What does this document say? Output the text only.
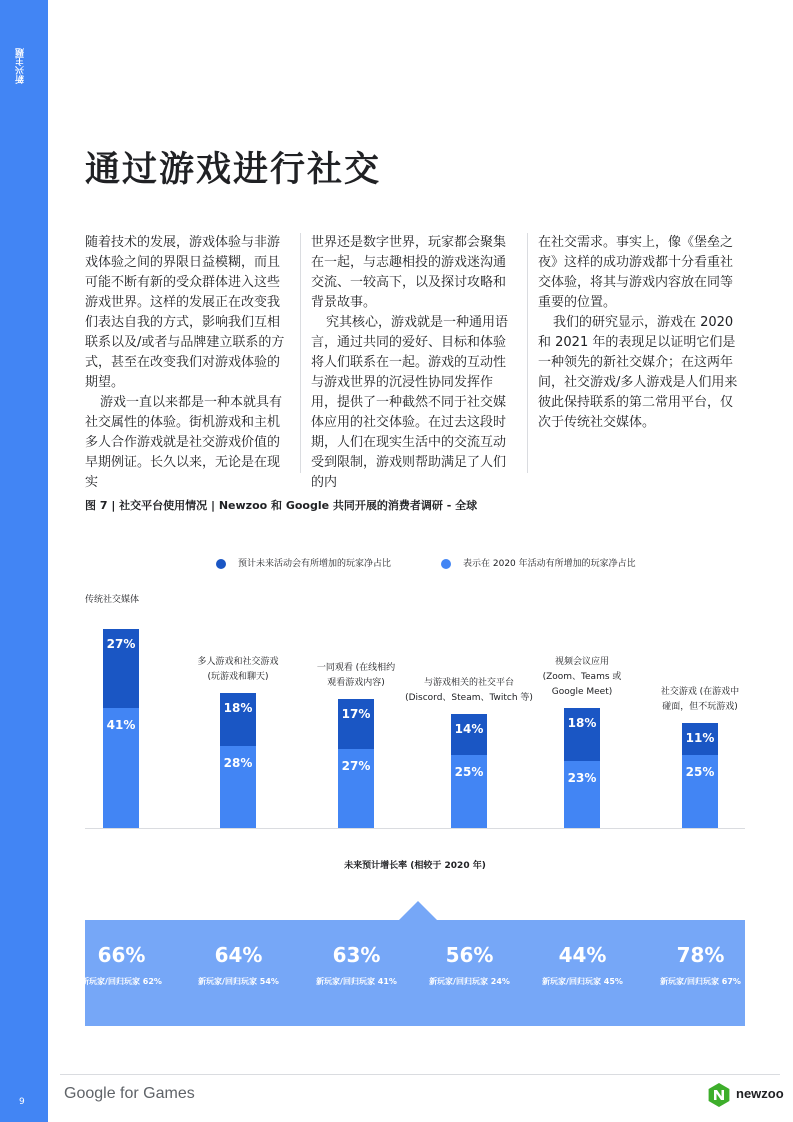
新兴主题
通过游戏进行社交

随着技术的发展，游戏体验与非游戏体验之间的界限日益模糊，而且可能不断有新的受众群体进入这些游戏世界。这样的发展正在改变我们表达自我的方式，影响我们互相联系以及/或者与品牌建立联系的方式，甚至在改变我们对游戏体验的期望。

游戏一直以来都是一种本就具有社交属性的体验。街机游戏和主机多人合作游戏就是社交游戏价值的早期例证。长久以来，无论是在现实

世界还是数字世界，玩家都会聚集在一起，与志趣相投的游戏迷沟通交流、一较高下，以及探讨攻略和背景故事。

究其核心，游戏就是一种通用语言，通过共同的爱好、目标和体验将人们联系在一起。游戏的互动性与游戏世界的沉浸性协同发挥作用，提供了一种截然不同于社交媒体应用的社交体验。在过去这段时期，人们在现实生活中的交流互动受到限制，游戏则帮助满足了人们的内

在社交需求。事实上，像《堡垒之夜》这样的成功游戏都十分看重社交体验，将其与游戏内容放在同等重要的位置。

我们的研究显示，游戏在 2020 和 2021 年的表现足以证明它们是一种领先的新社交媒介；在这两年间，社交游戏/多人游戏是人们用来彼此保持联系的第二常用平台，仅次于传统社交媒体。

图 7 | 社交平台使用情况 | Newzoo 和 Google 共同开展的消费者调研 - 全球
预计未来活动会有所增加的玩家净占比	表示在 2020 年活动有所增加的玩家净占比
41%
27%
传统社交媒体
28%
18%
多人游戏和社交游戏
(玩游戏和聊天)
27%
17%
一同观看 (在线相约
观看游戏内容)
25%
14%
与游戏相关的社交平台
(Discord、Steam、Twitch 等)
23%
18%
视频会议应用
(Zoom、Teams 或
Google Meet)
25%
11%
社交游戏 (在游戏中
碰面，但不玩游戏)
未来预计增长率 (相较于 2020 年)
66%
新玩家/回归玩家 62%
64%
新玩家/回归玩家 54%
63%
新玩家/回归玩家 41%
56%
新玩家/回归玩家 24%
44%
新玩家/回归玩家 45%
78%
新玩家/回归玩家 67%
9 Google for Games	newzoo
